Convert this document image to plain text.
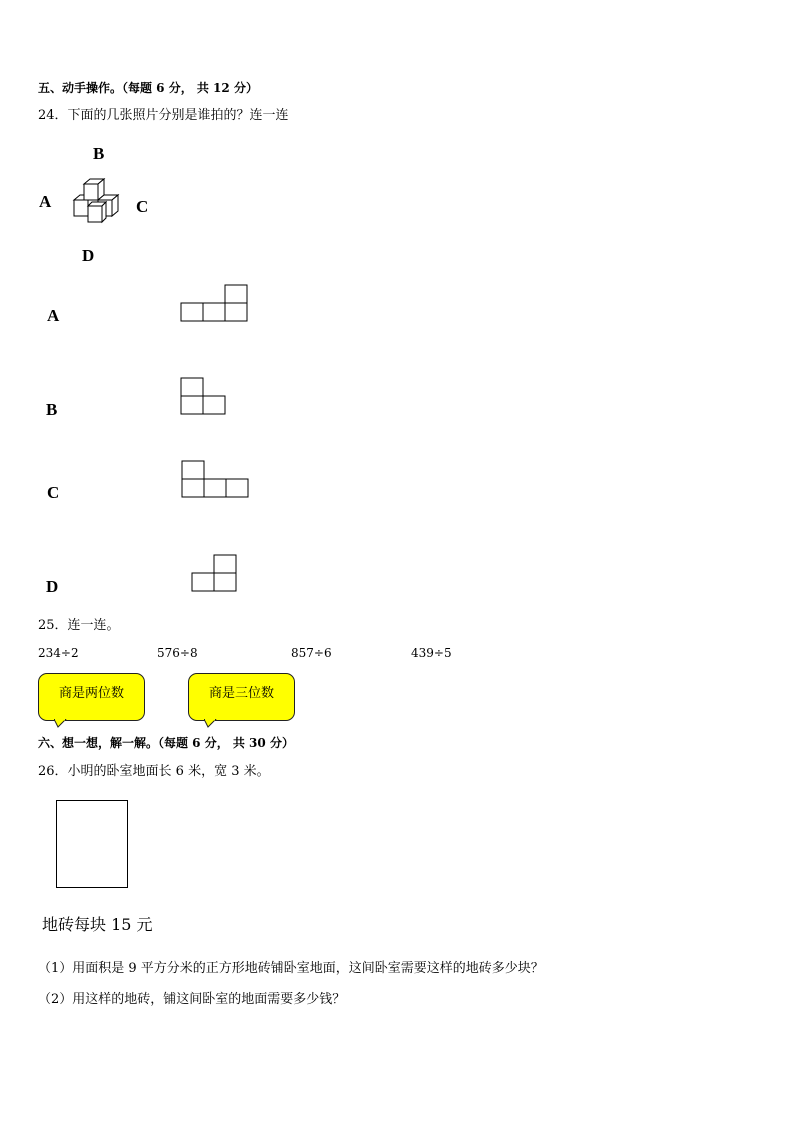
五、动手操作。（每题 6 分， 共 12 分）
24．下面的几张照片分别是谁拍的？连一连
B
A	C
D
A
B
C
D
25．连一连。
234÷2	576÷8	857÷6	439÷5
商是两位数	商是三位数
六、想一想，解一解。（每题 6 分， 共 30 分）
26．小明的卧室地面长 6 米，宽 3 米。
地砖每块 15 元
（1）用面积是 9 平方分米的正方形地砖铺卧室地面，这间卧室需要这样的地砖多少块？
（2）用这样的地砖，铺这间卧室的地面需要多少钱？
